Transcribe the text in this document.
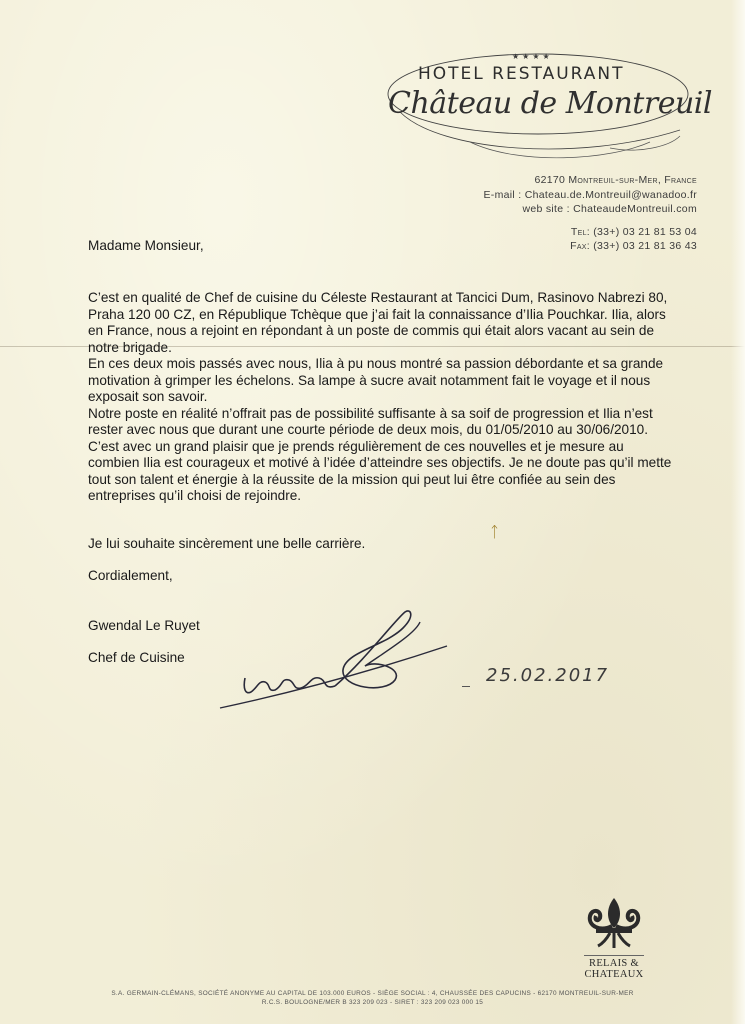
★★★★
HOTEL RESTAURANT
Château de Montreuil
62170 Montreuil-sur-Mer, France
E-mail : Chateau.de.Montreuil@wanadoo.fr
web site : ChateaudeMontreuil.com
Tel: (33+) 03 21 81 53 04
Fax: (33+) 03 21 81 36 43
Madame Monsieur,

C’est en qualité de Chef de cuisine du Céleste Restaurant at Tancici Dum, Rasinovo Nabrezi 80, Praha 120 00 CZ, en République Tchèque que j’ai fait la connaissance d’Ilia Pouchkar. Ilia, alors en France, nous a rejoint en répondant à un poste de commis qui était alors vacant au sein de notre brigade.

En ces deux mois passés avec nous, Ilia à pu nous montré sa passion débordante et sa grande motivation à grimper les échelons. Sa lampe à sucre avait notamment fait le voyage et il nous exposait son savoir.

Notre poste en réalité n’offrait pas de possibilité suffisante à sa soif de progression et Ilia n’est rester avec nous que durant une courte période de deux mois, du 01/05/2010 au 30/06/2010.

C’est avec un grand plaisir que je prends régulièrement de ces nouvelles et je mesure au combien Ilia est courageux et motivé à l’idée d’atteindre ses objectifs. Je ne doute pas qu’il mette tout son talent et énergie à la réussite de la mission qui peut lui être confiée au sein des entreprises qu’il choisi de rejoindre.

Je lui souhaite sincèrement une belle carrière.
Cordialement,
Gwendal Le Ruyet
Chef de Cuisine
ᛏ
25.02.2017
RELAIS &
CHATEAUX
S.A. GERMAIN-CLÉMANS, SOCIÉTÉ ANONYME AU CAPITAL DE 103.000 EUROS - SIÈGE SOCIAL : 4, CHAUSSÉE DES CAPUCINS - 62170 MONTREUIL-SUR-MER
R.C.S. BOULOGNE/MER B 323 209 023 - SIRET : 323 209 023 000 15
